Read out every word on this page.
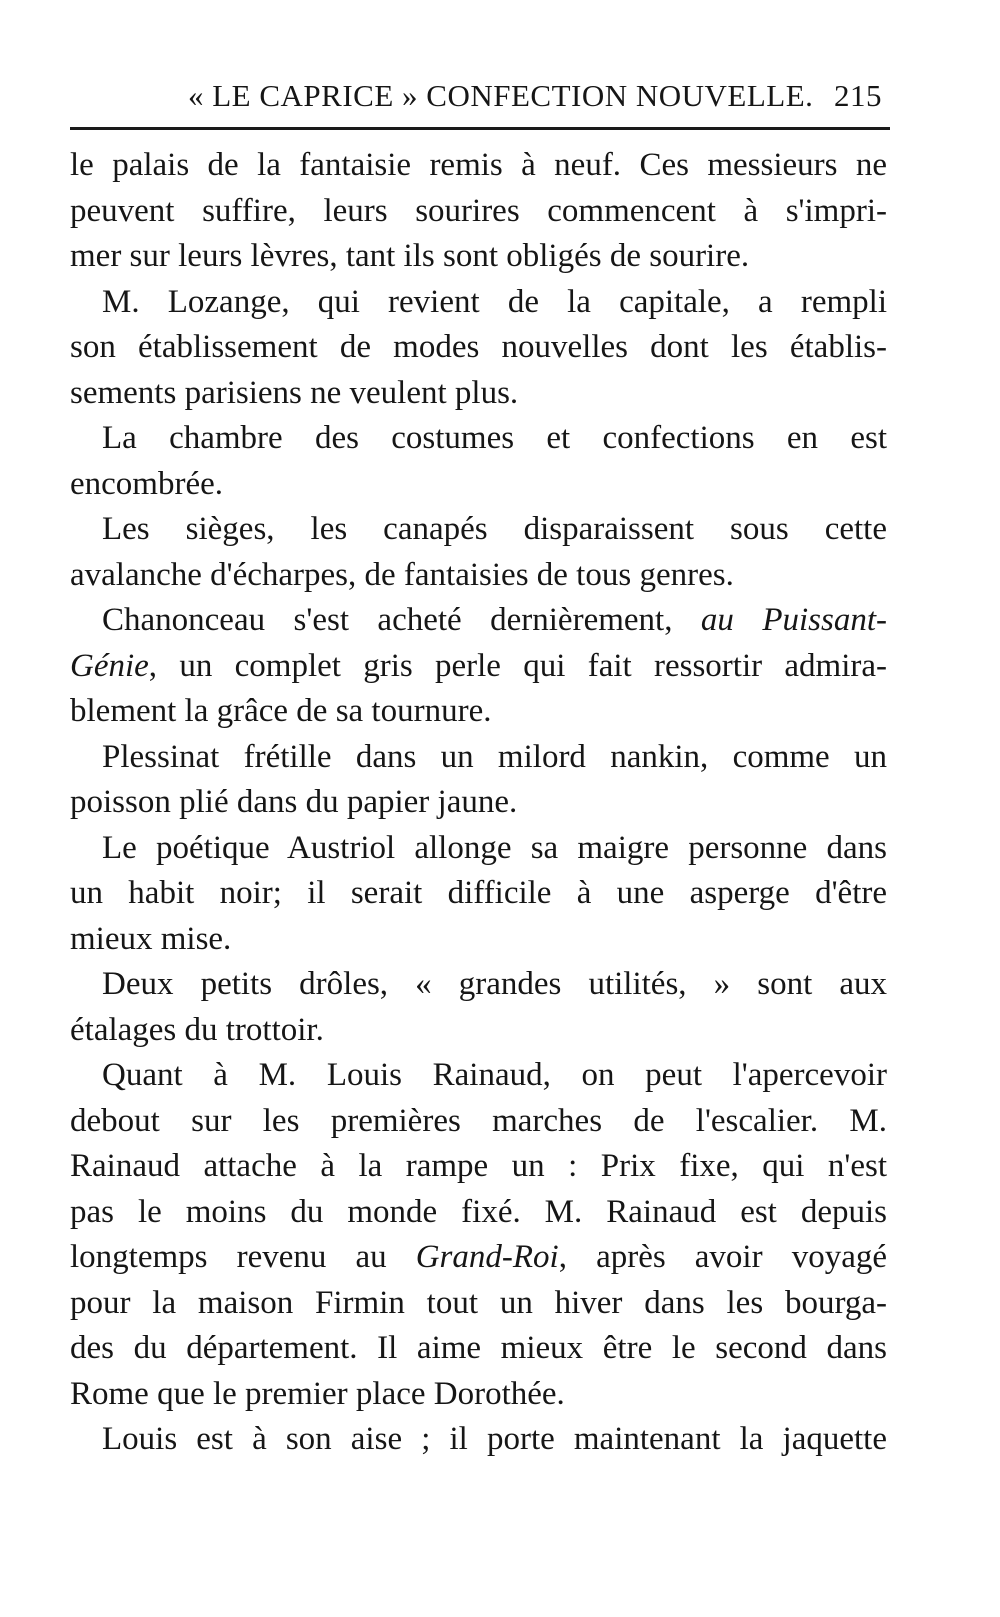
« LE CAPRICE » CONFECTION NOUVELLE. 215
le palais de la fantaisie remis à neuf. Ces messieurs ne
peuvent suffire, leurs sourires commencent à s'impri-
mer sur leurs lèvres, tant ils sont obligés de sourire.
M. Lozange, qui revient de la capitale, a rempli
son établissement de modes nouvelles dont les établis-
sements parisiens ne veulent plus.
La chambre des costumes et confections en est
encombrée.
Les sièges, les canapés disparaissent sous cette
avalanche d'écharpes, de fantaisies de tous genres.
Chanonceau s'est acheté dernièrement, au Puissant-
Génie, un complet gris perle qui fait ressortir admira-
blement la grâce de sa tournure.
Plessinat frétille dans un milord nankin, comme un
poisson plié dans du papier jaune.
Le poétique Austriol allonge sa maigre personne dans
un habit noir; il serait difficile à une asperge d'être
mieux mise.
Deux petits drôles, « grandes utilités, » sont aux
étalages du trottoir.
Quant à M. Louis Rainaud, on peut l'apercevoir
debout sur les premières marches de l'escalier. M.
Rainaud attache à la rampe un : Prix fixe, qui n'est
pas le moins du monde fixé. M. Rainaud est depuis
longtemps revenu au Grand-Roi, après avoir voyagé
pour la maison Firmin tout un hiver dans les bourga-
des du département. Il aime mieux être le second dans
Rome que le premier place Dorothée.
Louis est à son aise ; il porte maintenant la jaquette
